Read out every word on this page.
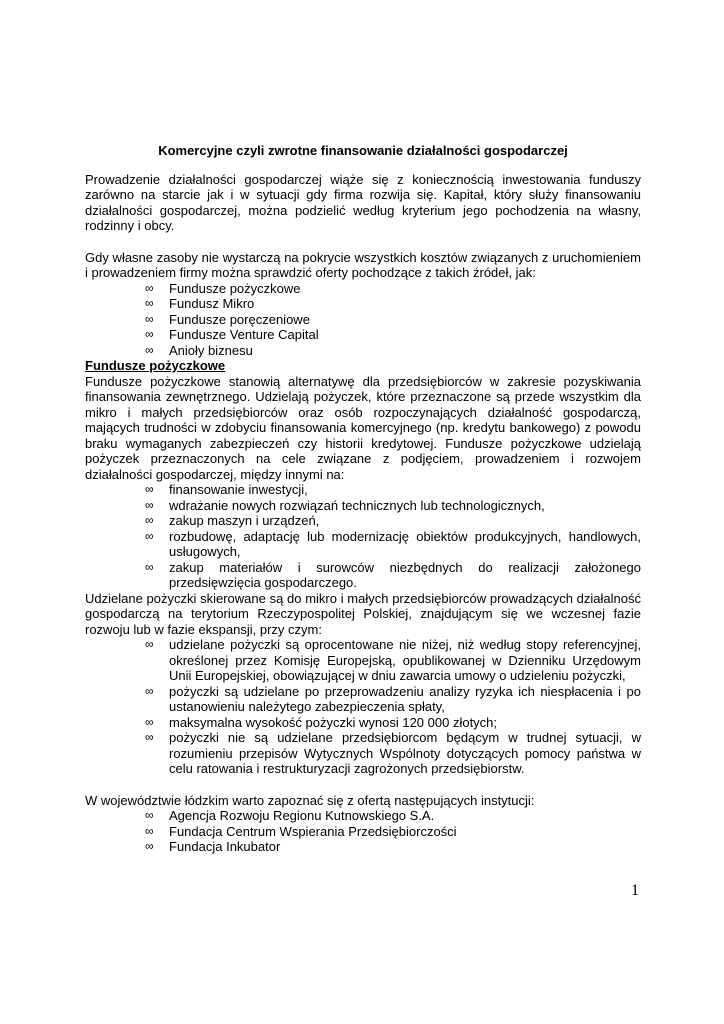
Komercyjne czyli zwrotne finansowanie działalności gospodarczej

Prowadzenie działalności gospodarczej wiąże się z koniecznością inwestowania funduszy zarówno na starcie jak i w sytuacji gdy firma rozwija się. Kapitał, który służy finansowaniu działalności gospodarczej, można podzielić według kryterium jego pochodzenia na własny, rodzinny i obcy.

Gdy własne zasoby nie wystarczą na pokrycie wszystkich kosztów związanych z uruchomieniem i prowadzeniem firmy można sprawdzić oferty pochodzące z takich źródeł, jak:

∞ Fundusze pożyczkowe
∞ Fundusz Mikro
∞ Fundusze poręczeniowe
∞ Fundusze Venture Capital
∞ Anioły biznesu
Fundusze pożyczkowe

Fundusze pożyczkowe stanowią alternatywę dla przedsiębiorców w zakresie pozyskiwania finansowania zewnętrznego. Udzielają pożyczek, które przeznaczone są przede wszystkim dla mikro i małych przedsiębiorców oraz osób rozpoczynających działalność gospodarczą, mających trudności w zdobyciu finansowania komercyjnego (np. kredytu bankowego) z powodu braku wymaganych zabezpieczeń czy historii kredytowej. Fundusze pożyczkowe udzielają pożyczek przeznaczonych na cele związane z podjęciem, prowadzeniem i rozwojem działalności gospodarczej, między innymi na:

∞ finansowanie inwestycji,
∞ wdrażanie nowych rozwiązań technicznych lub technologicznych,
∞ zakup maszyn i urządzeń,
∞ rozbudowę, adaptację lub modernizację obiektów produkcyjnych, handlowych, usługowych,
∞ zakup materiałów i surowców niezbędnych do realizacji założonego przedsięwzięcia gospodarczego.

Udzielane pożyczki skierowane są do mikro i małych przedsiębiorców prowadzących działalność gospodarczą na terytorium Rzeczypospolitej Polskiej, znajdującym się we wczesnej fazie rozwoju lub w fazie ekspansji, przy czym:

∞ udzielane pożyczki są oprocentowane nie niżej, niż według stopy referencyjnej, określonej przez Komisję Europejską, opublikowanej w Dzienniku Urzędowym Unii Europejskiej, obowiązującej w dniu zawarcia umowy o udzieleniu pożyczki,
∞ pożyczki są udzielane po przeprowadzeniu analizy ryzyka ich niespłacenia i po ustanowieniu należytego zabezpieczenia spłaty,
∞ maksymalna wysokość pożyczki wynosi 120 000 złotych;
∞ pożyczki nie są udzielane przedsiębiorcom będącym w trudnej sytuacji, w rozumieniu przepisów Wytycznych Wspólnoty dotyczących pomocy państwa w celu ratowania i restrukturyzacji zagrożonych przedsiębiorstw.

W województwie łódzkim warto zapoznać się z ofertą następujących instytucji:

∞ Agencja Rozwoju Regionu Kutnowskiego S.A.
∞ Fundacja Centrum Wspierania Przedsiębiorczości
∞ Fundacja Inkubator
1
